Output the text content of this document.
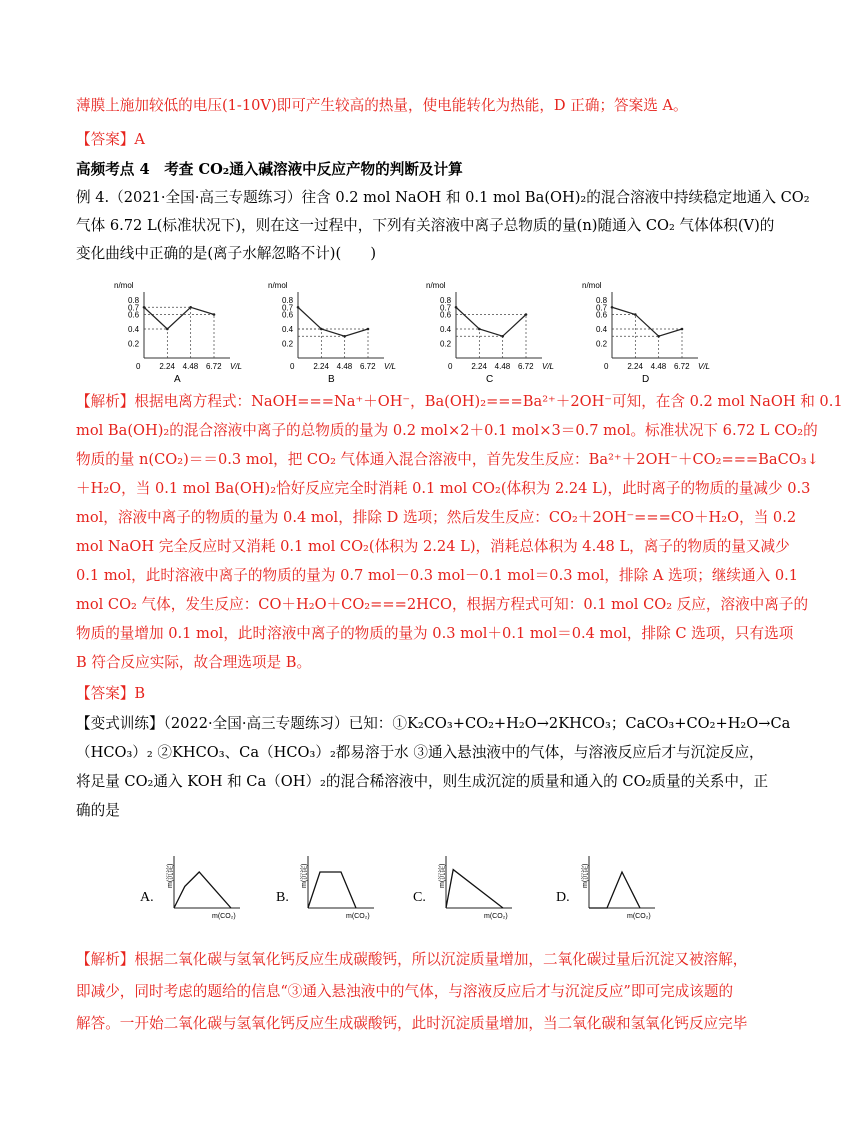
薄膜上施加较低的电压(1-10V)即可产生较高的热量，使电能转化为热能，D 正确；答案选 A。
【答案】A
高频考点 4　考查 CO₂通入碱溶液中反应产物的判断及计算
例 4.（2021·全国·高三专题练习）往含 0.2 mol NaOH 和 0.1 mol Ba(OH)₂的混合溶液中持续稳定地通入 CO₂
气体 6.72 L(标准状况下)，则在这一过程中，下列有关溶液中离子总物质的量(n)随通入 CO₂ 气体体积(V)的
变化曲线中正确的是(离子水解忽略不计)(　　)
【解析】根据电离方程式：NaOH===Na⁺＋OH⁻，Ba(OH)₂===Ba²⁺＋2OH⁻可知，在含 0.2 mol NaOH 和 0.1
mol Ba(OH)₂的混合溶液中离子的总物质的量为 0.2 mol×2＋0.1 mol×3＝0.7 mol。标准状况下 6.72 L CO₂的
物质的量 n(CO₂)＝＝0.3 mol，把 CO₂ 气体通入混合溶液中，首先发生反应：Ba²⁺＋2OH⁻＋CO₂===BaCO₃↓
＋H₂O，当 0.1 mol Ba(OH)₂恰好反应完全时消耗 0.1 mol CO₂(体积为 2.24 L)，此时离子的物质的量减少 0.3
mol，溶液中离子的物质的量为 0.4 mol，排除 D 选项；然后发生反应：CO₂＋2OH⁻===CO＋H₂O，当 0.2
mol NaOH 完全反应时又消耗 0.1 mol CO₂(体积为 2.24 L)，消耗总体积为 4.48 L，离子的物质的量又减少
0.1 mol，此时溶液中离子的物质的量为 0.7 mol－0.3 mol－0.1 mol＝0.3 mol，排除 A 选项；继续通入 0.1
mol CO₂ 气体，发生反应：CO＋H₂O＋CO₂===2HCO，根据方程式可知：0.1 mol CO₂ 反应，溶液中离子的
物质的量增加 0.1 mol，此时溶液中离子的物质的量为 0.3 mol＋0.1 mol＝0.4 mol，排除 C 选项，只有选项
B 符合反应实际，故合理选项是 B。
【答案】B
【变式训练】（2022·全国·高三专题练习）已知：①K₂CO₃+CO₂+H₂O→2KHCO₃；CaCO₃+CO₂+H₂O→Ca
（HCO₃）₂ ②KHCO₃、Ca（HCO₃）₂都易溶于水 ③通入悬浊液中的气体，与溶液反应后才与沉淀反应，
将足量 CO₂通入 KOH 和 Ca（OH）₂的混合稀溶液中，则生成沉淀的质量和通入的 CO₂质量的关系中，正
确的是
【解析】根据二氧化碳与氢氧化钙反应生成碳酸钙，所以沉淀质量增加，二氧化碳过量后沉淀又被溶解，
即减少，同时考虑的题给的信息“③通入悬浊液中的气体，与溶液反应后才与沉淀反应”即可完成该题的
解答。一开始二氧化碳与氢氧化钙反应生成碳酸钙，此时沉淀质量增加，当二氧化碳和氢氧化钙反应完毕
n/mol
V/L
0.8
0.7
0.6
0.4
0.2
0 2.24 4.48 6.72
A
n/mol
V/L
0.8
0.7
0.6
0.4
0.2
0 2.24 4.48 6.72
B
n/mol
V/L
0.8
0.7
0.6
0.4
0.2
0 2.24 4.48 6.72
C
n/mol
V/L
0.8
0.7
0.6
0.4
0.2
0 2.24 4.48 6.72
D
A.	B.	C.	D.
m(沉淀)
m(CO₂)
m(沉淀)
m(CO₂)
m(沉淀)
m(CO₂)
m(沉淀)
m(CO₂)
